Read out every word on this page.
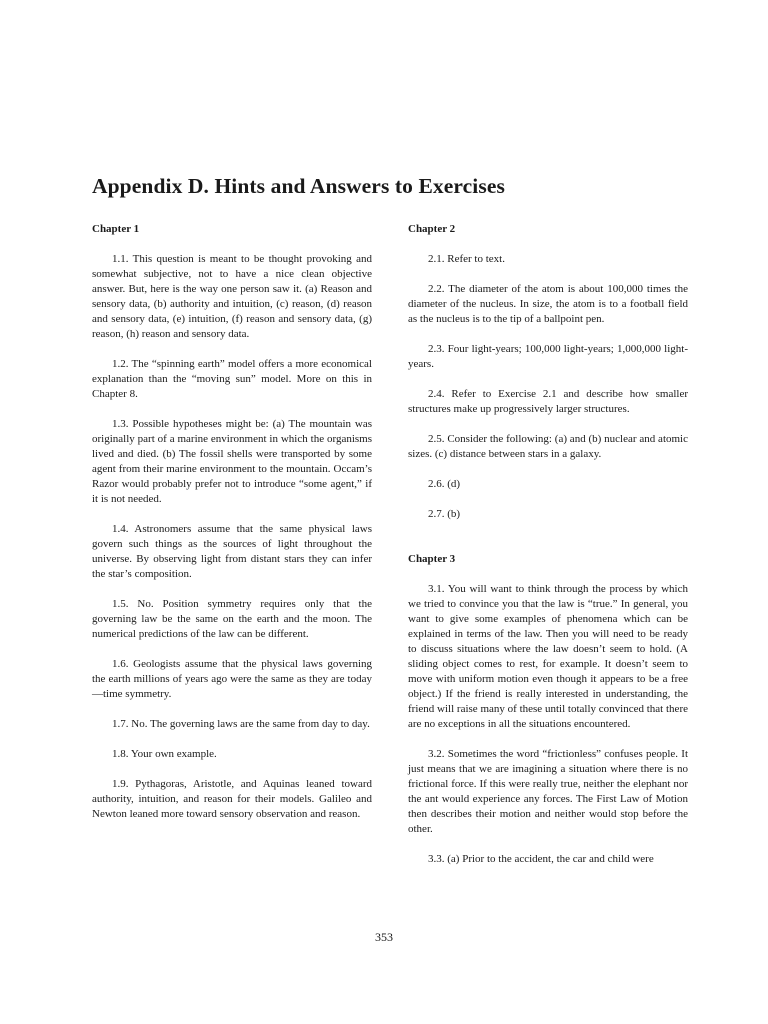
Appendix D. Hints and Answers to Exercises
Chapter 1

1.1. This question is meant to be thought provoking and somewhat subjective, not to have a nice clean objective answer. But, here is the way one person saw it. (a) Reason and sensory data, (b) authority and intuition, (c) reason, (d) reason and sensory data, (e) intuition, (f) reason and sensory data, (g) reason, (h) reason and sensory data.

1.2. The “spinning earth” model offers a more economical explanation than the “moving sun” model. More on this in Chapter 8.

1.3. Possible hypotheses might be: (a) The mountain was originally part of a marine environment in which the organisms lived and died. (b) The fossil shells were transported by some agent from their marine environment to the mountain. Occam’s Razor would probably prefer not to introduce “some agent,” if it is not needed.

1.4. Astronomers assume that the same physical laws govern such things as the sources of light throughout the universe. By observing light from distant stars they can infer the star’s composition.

1.5. No. Position symmetry requires only that the governing law be the same on the earth and the moon. The numerical predictions of the law can be different.

1.6. Geologists assume that the physical laws governing the earth millions of years ago were the same as they are today—time symmetry.

1.7. No. The governing laws are the same from day to day.

1.8. Your own example.

1.9. Pythagoras, Aristotle, and Aquinas leaned toward authority, intuition, and reason for their models. Galileo and Newton leaned more toward sensory observation and reason.

Chapter 2

2.1. Refer to text.

2.2. The diameter of the atom is about 100,000 times the diameter of the nucleus. In size, the atom is to a football field as the nucleus is to the tip of a ballpoint pen.

2.3. Four light-years; 100,000 light-years; 1,000,000 light-years.

2.4. Refer to Exercise 2.1 and describe how smaller structures make up progressively larger structures.

2.5. Consider the following: (a) and (b) nuclear and atomic sizes. (c) distance between stars in a galaxy.

2.6. (d)

2.7. (b)

Chapter 3

3.1. You will want to think through the process by which we tried to convince you that the law is “true.” In general, you want to give some examples of phenomena which can be explained in terms of the law. Then you will need to be ready to discuss situations where the law doesn’t seem to hold. (A sliding object comes to rest, for example. It doesn’t seem to move with uniform motion even though it appears to be a free object.) If the friend is really interested in understanding, the friend will raise many of these until totally convinced that there are no exceptions in all the situations encountered.

3.2. Sometimes the word “frictionless” confuses people. It just means that we are imagining a situation where there is no frictional force. If this were really true, neither the elephant nor the ant would experience any forces. The First Law of Motion then describes their motion and neither would stop before the other.

3.3. (a) Prior to the accident, the car and child were

353
